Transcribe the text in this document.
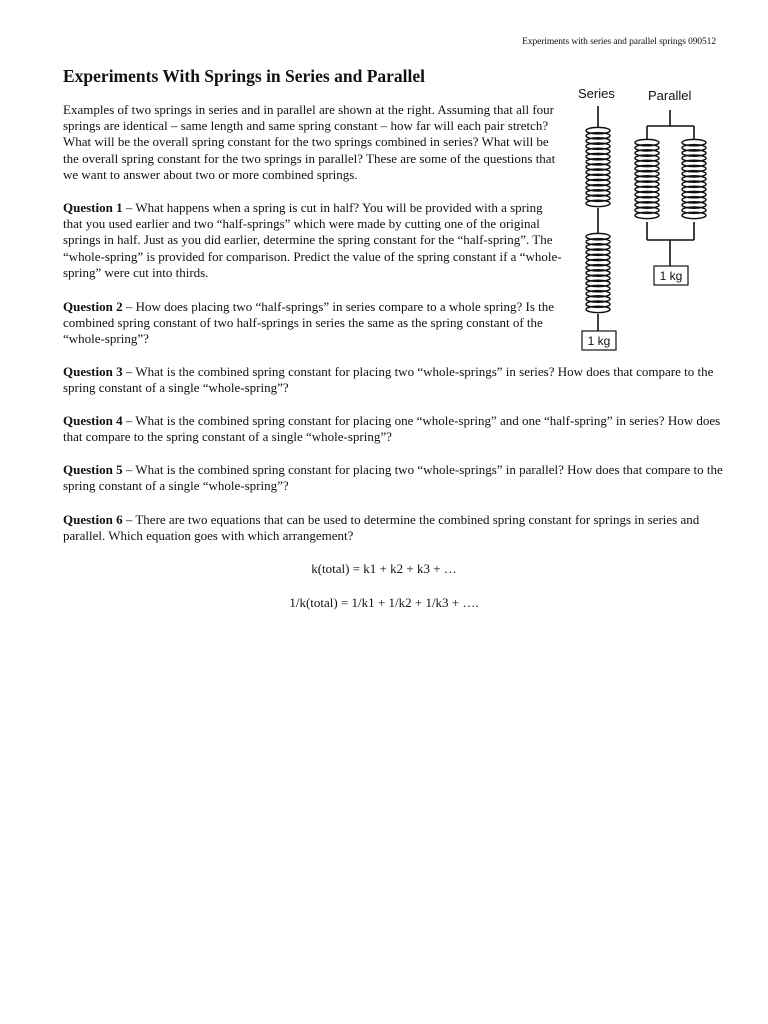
Experiments with series and parallel springs 090512
Experiments With Springs in Series and Parallel

Examples of two springs in series and in parallel are shown at the right. Assuming that all four springs are identical – same length and same spring constant – how far will each pair stretch? What will be the overall spring constant for the two springs combined in series? What will be the overall spring constant for the two springs in parallel? These are some of the questions that we want to answer about two or more combined springs.

Question 1 – What happens when a spring is cut in half? You will be provided with a spring that you used earlier and two “half-springs” which were made by cutting one of the original springs in half. Just as you did earlier, determine the spring constant for the “half-spring”. The “whole-spring” is provided for comparison. Predict the value of the spring constant if a “whole-spring” were cut into thirds.

Question 2 – How does placing two “half-springs” in series compare to a whole spring? Is the combined spring constant of two half-springs in series the same as the spring constant of the “whole-spring”?

Question 3 – What is the combined spring constant for placing two “whole-springs” in series? How does that compare to the spring constant of a single “whole-spring”?

Question 4 – What is the combined spring constant for placing one “whole-spring” and one “half-spring” in series? How does that compare to the spring constant of a single “whole-spring”?

Question 5 – What is the combined spring constant for placing two “whole-springs” in parallel? How does that compare to the spring constant of a single “whole-spring”?

Question 6 – There are two equations that can be used to determine the combined spring constant for springs in series and parallel. Which equation goes with which arrangement?

k(total) = k1 + k2 + k3 + …
1/k(total) = 1/k1 + 1/k2 + 1/k3 + ….
Series	Parallel
1 kg
1 kg
